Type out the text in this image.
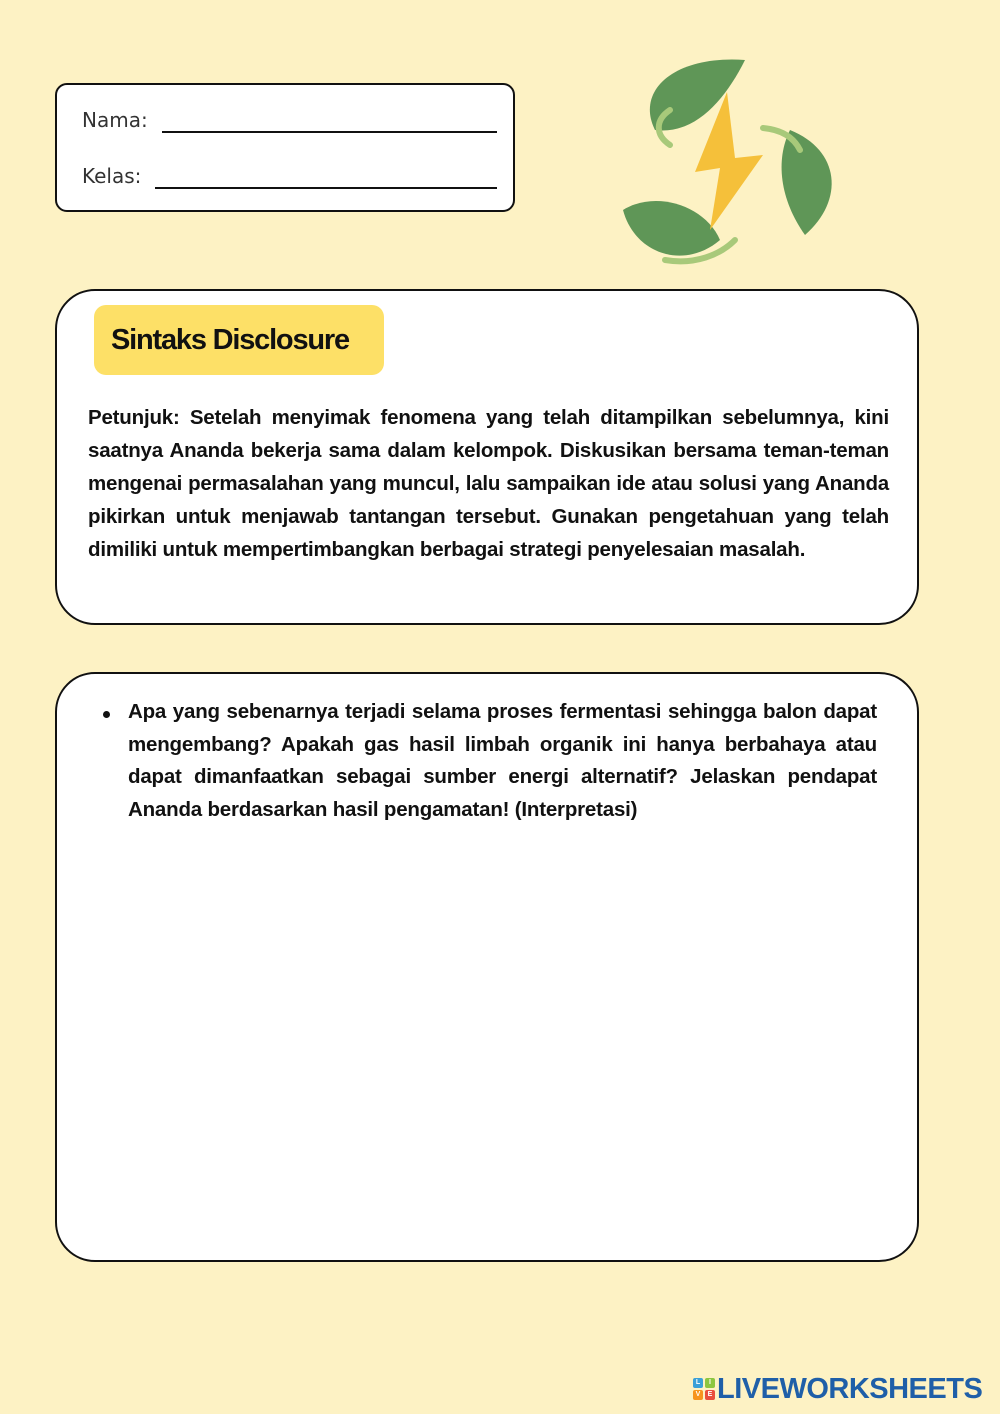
Nama:
Kelas:
Sintaks Disclosure

Petunjuk: Setelah menyimak fenomena yang telah ditampilkan sebelumnya, kini saatnya Ananda bekerja sama dalam kelompok. Diskusikan bersama teman-teman mengenai permasalahan yang muncul, lalu sampaikan ide atau solusi yang Ananda pikirkan untuk menjawab tantangan tersebut. Gunakan pengetahuan yang telah dimiliki untuk mempertimbangkan berbagai strategi penyelesaian masalah.

Apa yang sebenarnya terjadi selama proses fermentasi sehingga balon dapat mengembang? Apakah gas hasil limbah organik ini hanya berbahaya atau dapat dimanfaatkan sebagai sumber energi alternatif? Jelaskan pendapat Ananda berdasarkan hasil pengamatan! (Interpretasi)
L	I
V	E LIVEWORKSHEETS
